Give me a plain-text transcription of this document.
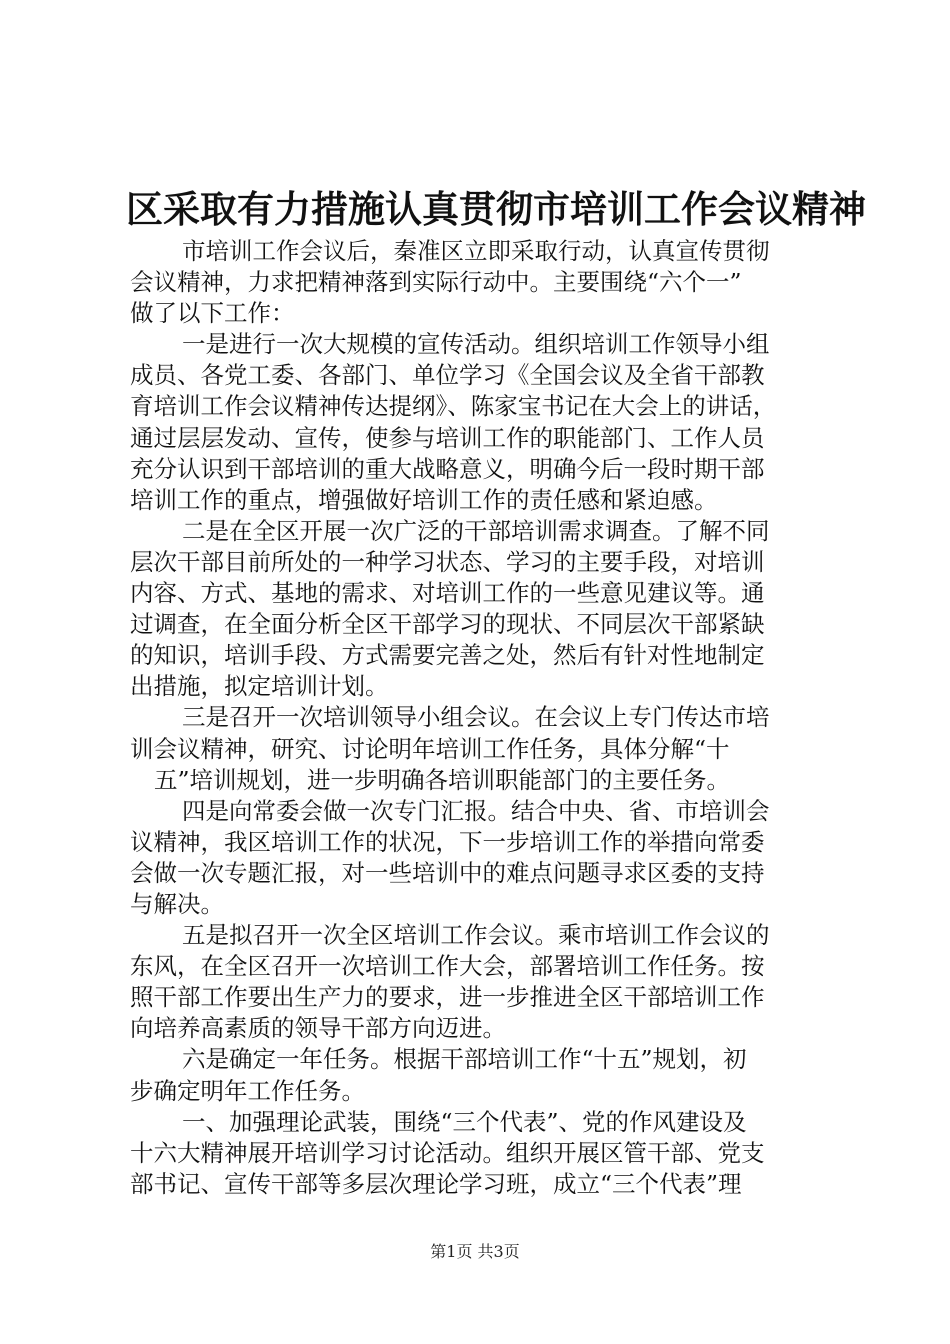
区采取有力措施认真贯彻市培训工作会议精神
市培训工作会议后，秦准区立即采取行动，认真宣传贯彻
会议精神，力求把精神落到实际行动中。主要围绕“六个一”
做了以下工作：
一是进行一次大规模的宣传活动。组织培训工作领导小组
成员、各党工委、各部门、单位学习《全国会议及全省干部教
育培训工作会议精神传达提纲》、陈家宝书记在大会上的讲话，
通过层层发动、宣传，使参与培训工作的职能部门、工作人员
充分认识到干部培训的重大战略意义，明确今后一段时期干部
培训工作的重点，增强做好培训工作的责任感和紧迫感。
二是在全区开展一次广泛的干部培训需求调查。了解不同
层次干部目前所处的一种学习状态、学习的主要手段，对培训
内容、方式、基地的需求、对培训工作的一些意见建议等。通
过调查，在全面分析全区干部学习的现状、不同层次干部紧缺
的知识，培训手段、方式需要完善之处，然后有针对性地制定
出措施，拟定培训计划。
三是召开一次培训领导小组会议。在会议上专门传达市培
训会议精神，研究、讨论明年培训工作任务，具体分解“十
五”培训规划，进一步明确各培训职能部门的主要任务。
四是向常委会做一次专门汇报。结合中央、省、市培训会
议精神，我区培训工作的状况，下一步培训工作的举措向常委
会做一次专题汇报，对一些培训中的难点问题寻求区委的支持
与解决。
五是拟召开一次全区培训工作会议。乘市培训工作会议的
东风，在全区召开一次培训工作大会，部署培训工作任务。按
照干部工作要出生产力的要求，进一步推进全区干部培训工作
向培养高素质的领导干部方向迈进。
六是确定一年任务。根据干部培训工作“十五”规划，初
步确定明年工作任务。
一、加强理论武装，围绕“三个代表”、党的作风建设及
十六大精神展开培训学习讨论活动。组织开展区管干部、党支
部书记、宣传干部等多层次理论学习班，成立“三个代表”理
第1页 共3页
